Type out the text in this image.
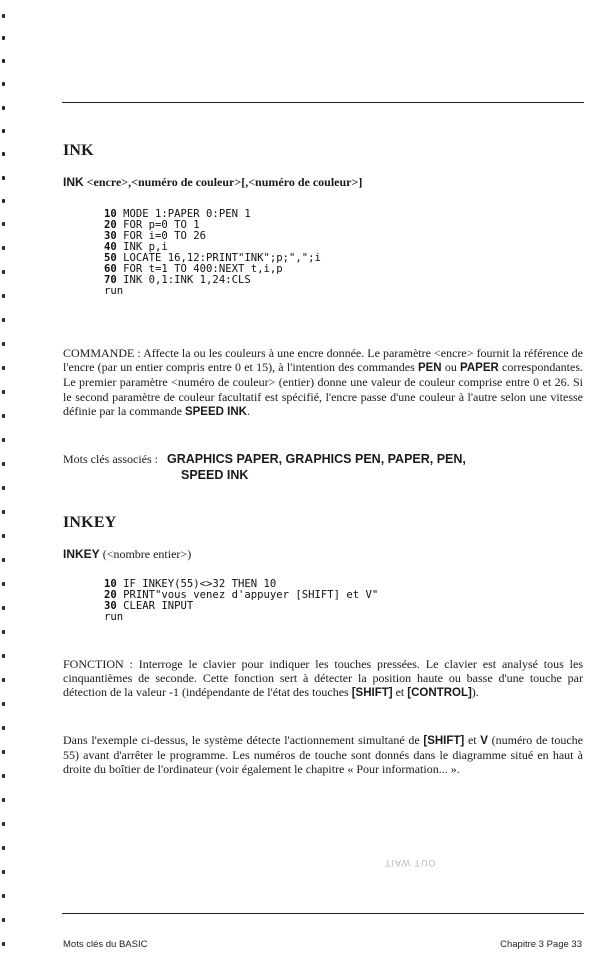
INK
INK <encre>,<numéro de couleur>[,<numéro de couleur>]
10 MODE 1:PAPER 0:PEN 1
20 FOR p=0 TO 1
30 FOR i=0 TO 26
40 INK p,i
50 LOCATE 16,12:PRINT"INK";p;",";i
60 FOR t=1 TO 400:NEXT t,i,p
70 INK 0,1:INK 1,24:CLS
run
COMMANDE : Affecte la ou les couleurs à une encre donnée. Le paramètre <encre> fournit la référence de l'encre (par un entier compris entre 0 et 15), à l'intention des commandes PEN ou PAPER correspondantes. Le premier paramètre <numéro de couleur> (entier) donne une valeur de couleur comprise entre 0 et 26. Si le second paramètre de couleur facultatif est spécifié, l'encre passe d'une couleur à l'autre selon une vitesse définie par la commande SPEED INK.
Mots clés associés : GRAPHICS PAPER, GRAPHICS PEN, PAPER, PEN,
SPEED INK
INKEY
INKEY (<nombre entier>)
10 IF INKEY(55)<>32 THEN 10
20 PRINT"vous venez d'appuyer [SHIFT] et V"
30 CLEAR INPUT
run
FONCTION : Interroge le clavier pour indiquer les touches pressées. Le clavier est analysé tous les cinquantièmes de seconde. Cette fonction sert à détecter la position haute ou basse d'une touche par détection de la valeur -1 (indépendante de l'état des touches [SHIFT] et [CONTROL]).
Dans l'exemple ci-dessus, le système détecte l'actionnement simultané de [SHIFT] et V (numéro de touche 55) avant d'arrêter le programme. Les numéros de touche sont donnés dans le diagramme situé en haut à droite du boîtier de l'ordinateur (voir également le chapitre « Pour information... ».
TIAW TUO
Mots clés du BASIC	Chapitre 3 Page 33
